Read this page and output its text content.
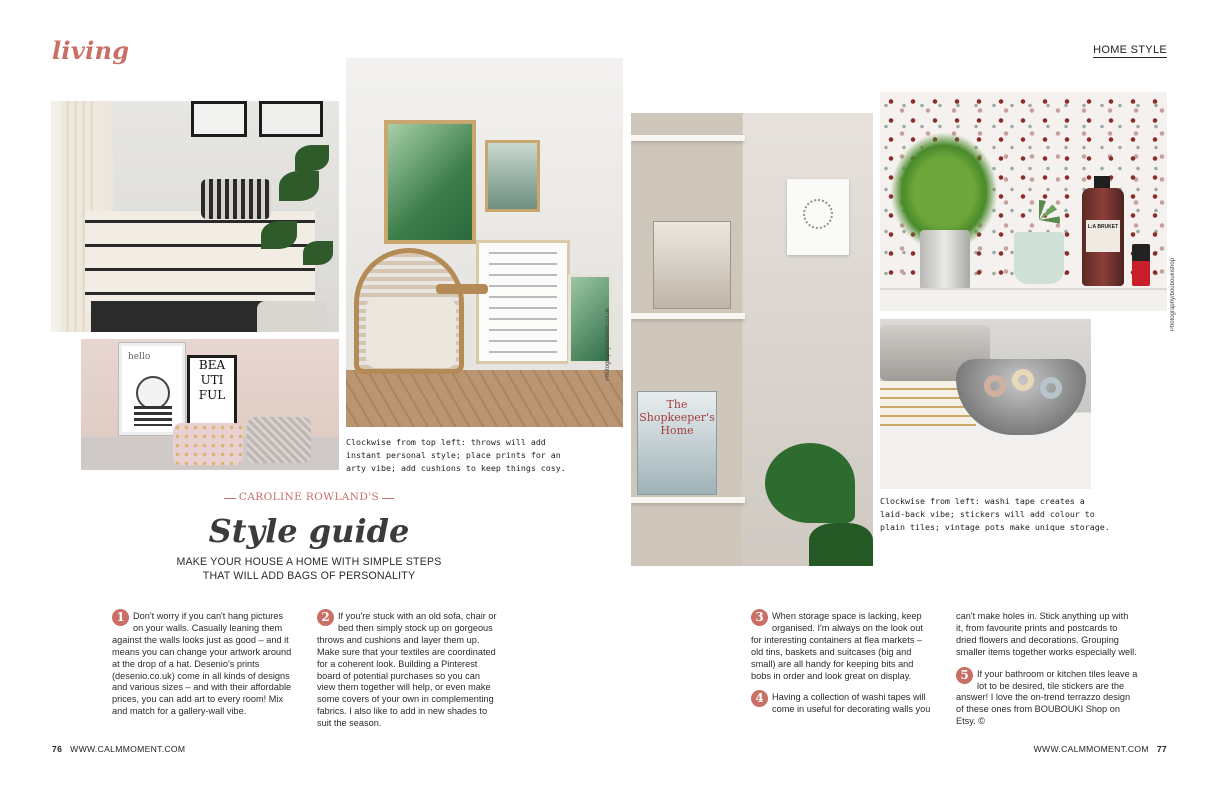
living	HOME STYLE
hello
BEA
UTI
FUL
Photography/desenio.co.uk
The Shopkeeper's Home
L:A BRUKET
Photography/bouboukishop
Clockwise from top left: throws will add instant personal style; place prints for an arty vibe; add cushions to keep things cosy.
Clockwise from left: washi tape creates a laid-back vibe; stickers will add colour to plain tiles; vintage pots make unique storage.
CAROLINE ROWLAND'S
Style guide
MAKE YOUR HOUSE A HOME WITH SIMPLE STEPS
THAT WILL ADD BAGS OF PERSONALITY

1 Don't worry if you can't hang pictures on your walls. Casually leaning them against the walls looks just as good – and it means you can change your artwork around at the drop of a hat. Desenio's prints (desenio.co.uk) come in all kinds of designs and various sizes – and with their affordable prices, you can add art to every room! Mix and match for a gallery-wall vibe.

2 If you're stuck with an old sofa, chair or bed then simply stock up on gorgeous throws and cushions and layer them up. Make sure that your textiles are coordinated for a coherent look. Building a Pinterest board of potential purchases so you can view them together will help, or even make some covers of your own in complementing fabrics. I also like to add in new shades to suit the season.

3 When storage space is lacking, keep organised. I'm always on the look out for interesting containers at flea markets – old tins, baskets and suitcases (big and small) are all handy for keeping bits and bobs in order and look great on display.

4 Having a collection of washi tapes will come in useful for decorating walls you

can't make holes in. Stick anything up with it, from favourite prints and postcards to dried flowers and decorations. Grouping smaller items together works especially well.

5 If your bathroom or kitchen tiles leave a lot to be desired, tile stickers are the answer! I love the on-trend terrazzo design of these ones from BOUBOUKI Shop on Etsy. ©

76 WWW.CALMMOMENT.COM	WWW.CALMMOMENT.COM 77
